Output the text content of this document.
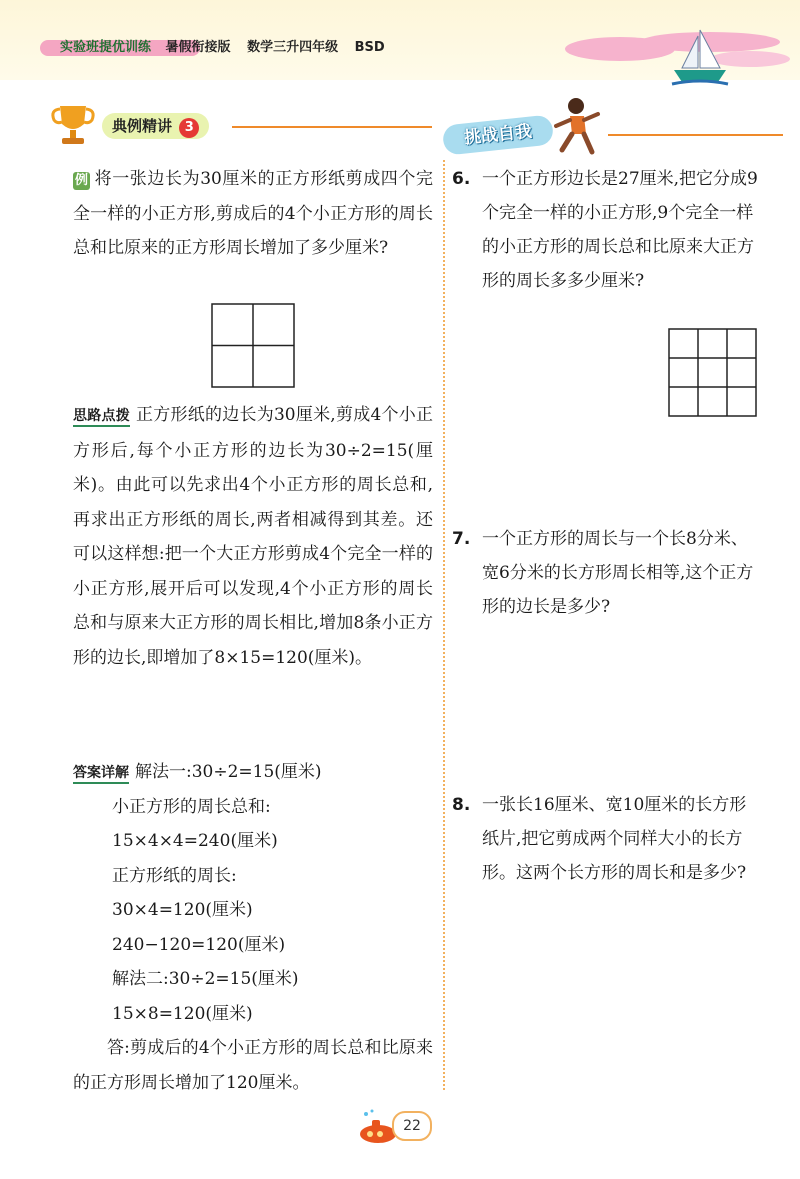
实验班提优训练 暑假衔接版 数学三升四年级 BSD
典例精讲 3	挑战自我
例 将一张边长为30厘米的正方形纸剪成四个完全一样的小正方形,剪成后的4个小正方形的周长总和比原来的正方形周长增加了多少厘米?
思路点拨 正方形纸的边长为30厘米,剪成4个小正方形后,每个小正方形的边长为30÷2=15(厘米)。由此可以先求出4个小正方形的周长总和,再求出正方形纸的周长,两者相减得到其差。还可以这样想:把一个大正方形剪成4个完全一样的小正方形,展开后可以发现,4个小正方形的周长总和与原来大正方形的周长相比,增加8条小正方形的边长,即增加了8×15=120(厘米)。
答案详解 解法一:30÷2=15(厘米)
小正方形的周长总和:
15×4×4=240(厘米)
正方形纸的周长:
30×4=120(厘米)
240−120=120(厘米)
解法二:30÷2=15(厘米)
15×8=120(厘米)
答:剪成后的4个小正方形的周长总和比原来的正方形周长增加了120厘米。
6. 一个正方形边长是27厘米,把它分成9个完全一样的小正方形,9个完全一样的小正方形的周长总和比原来大正方形的周长多多少厘米?
7. 一个正方形的周长与一个长8分米、宽6分米的长方形周长相等,这个正方形的边长是多少?
8. 一张长16厘米、宽10厘米的长方形纸片,把它剪成两个同样大小的长方形。这两个长方形的周长和是多少?
22
